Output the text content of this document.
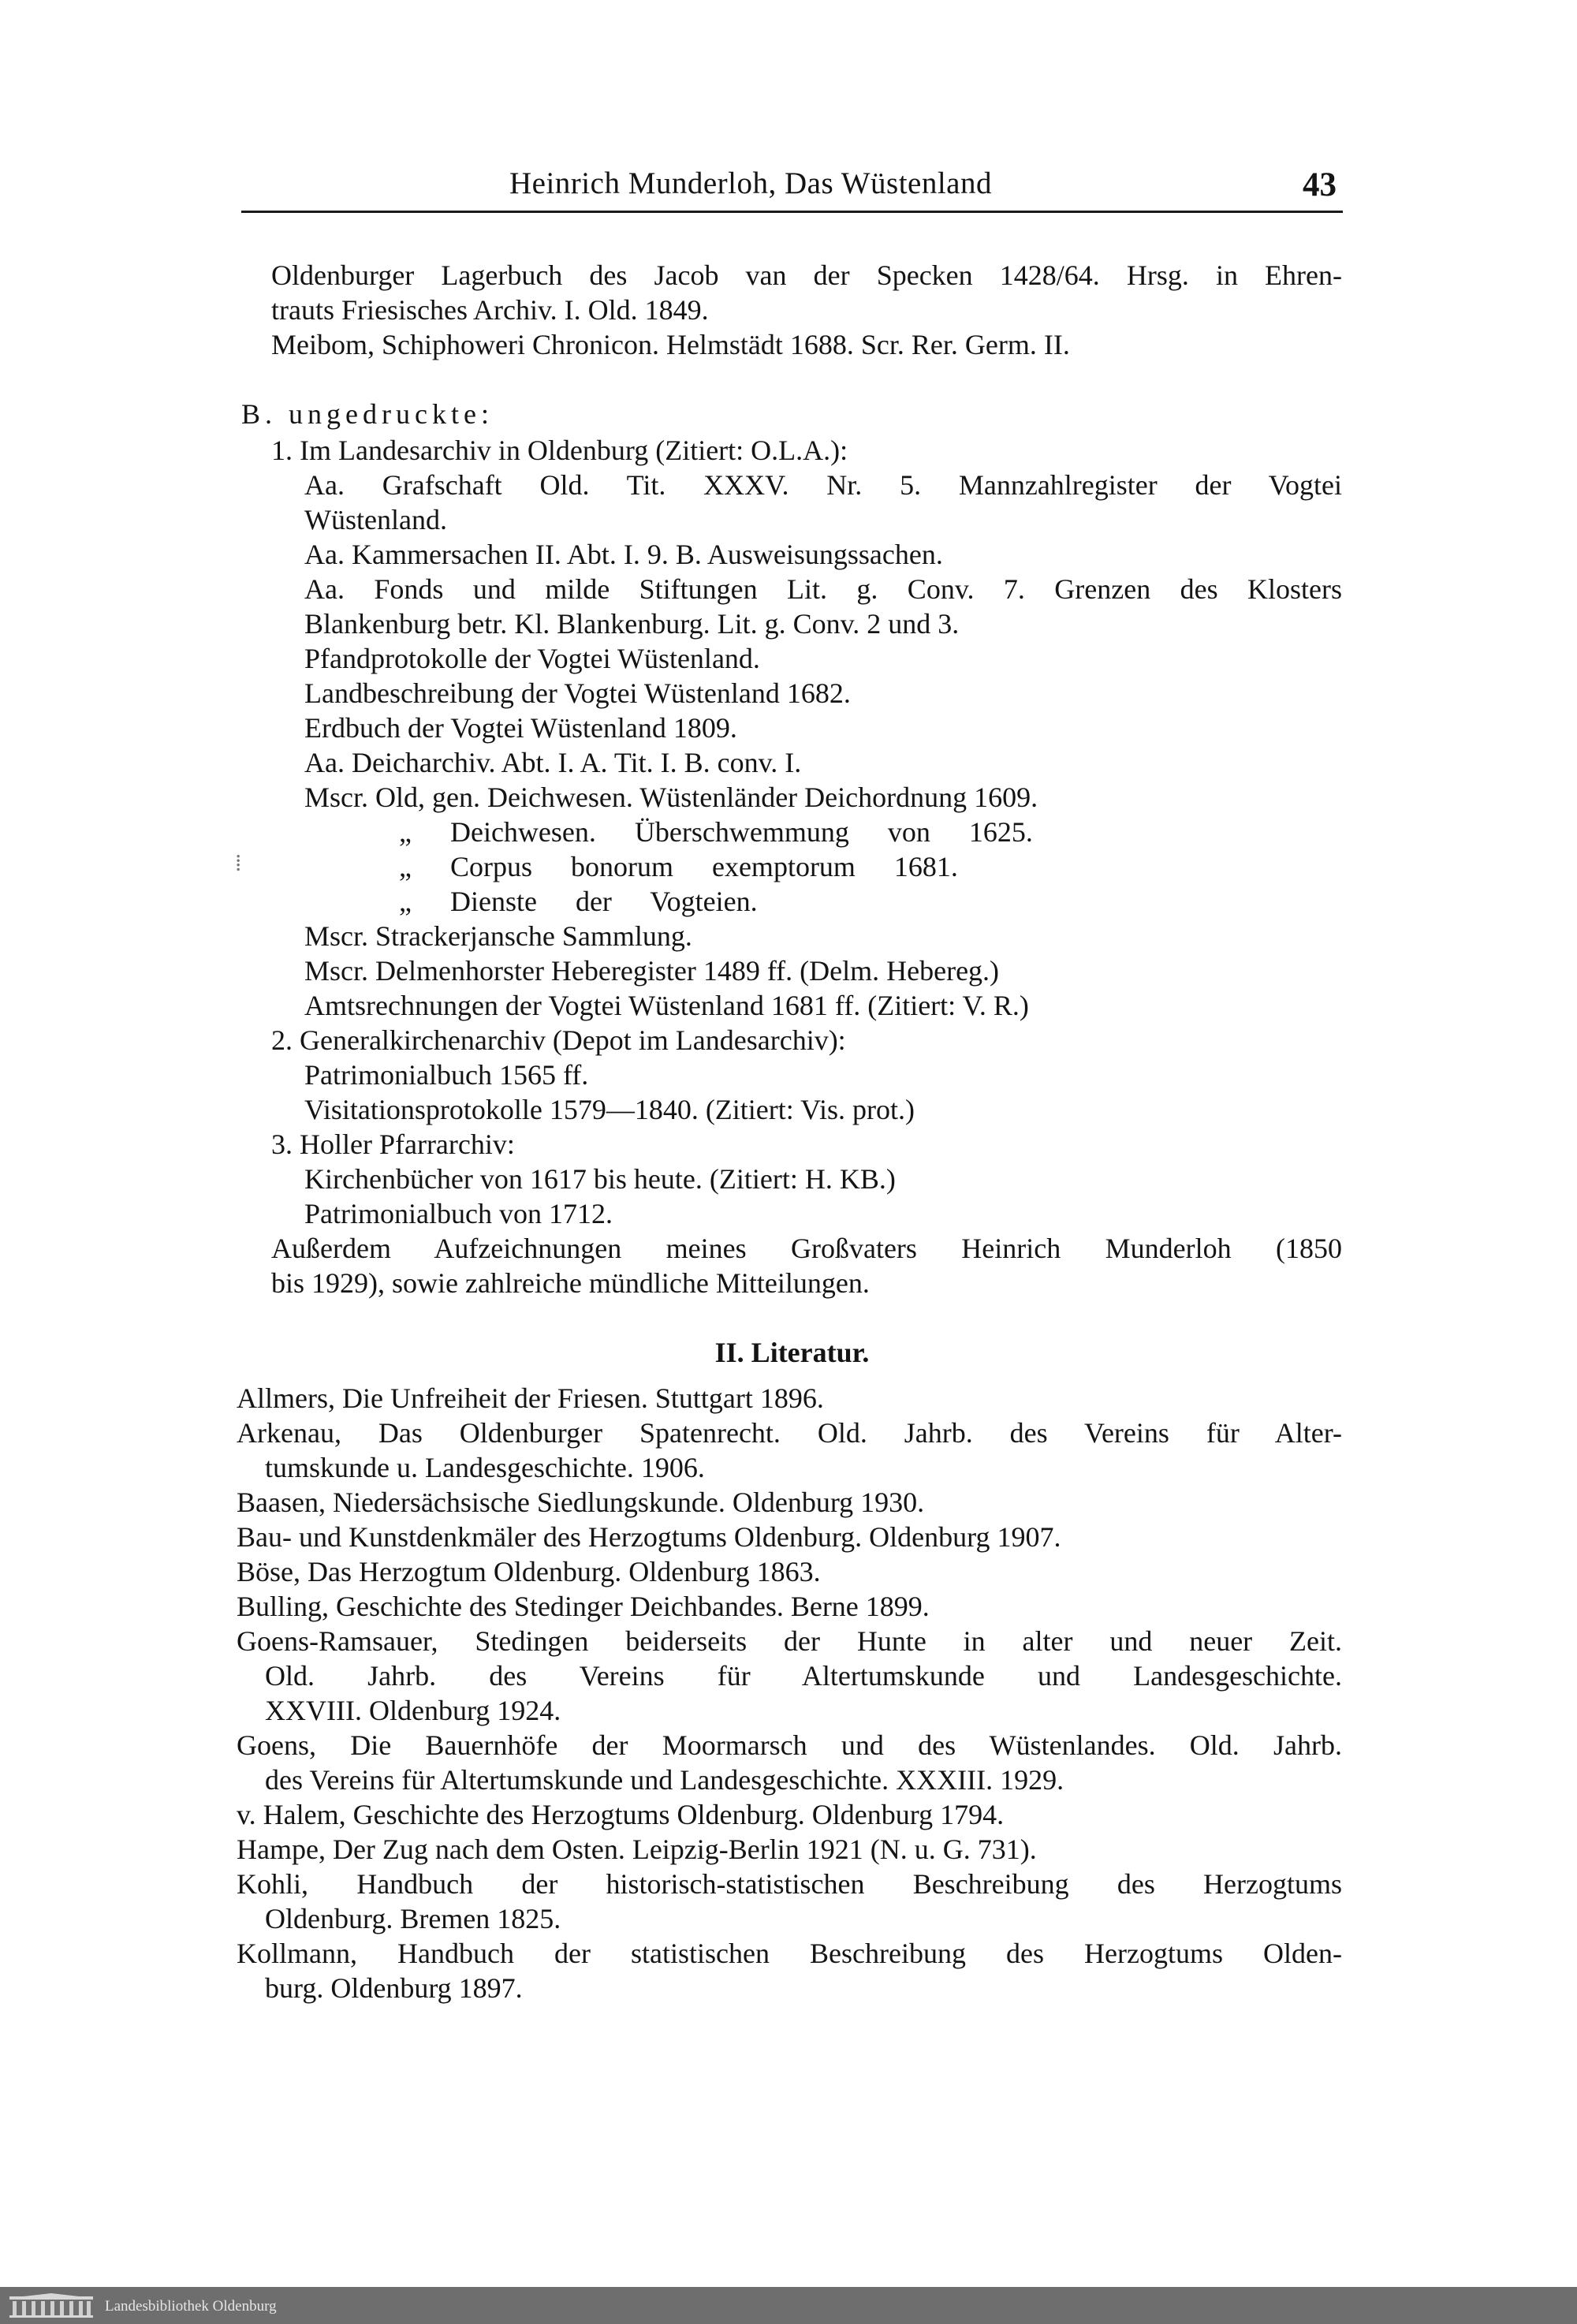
Heinrich Munderloh, Das Wüstenland	43
Oldenburger Lagerbuch des Jacob van der Specken 1428/64. Hrsg. in Ehren-
trauts Friesisches Archiv. I. Old. 1849.
Meibom, Schiphoweri Chronicon. Helmstädt 1688. Scr. Rer. Germ. II.
B. ungedruckte:
1. Im Landesarchiv in Oldenburg (Zitiert: O.L.A.):
Aa. Grafschaft Old. Tit. XXXV. Nr. 5. Mannzahlregister der Vogtei
Wüstenland.
Aa. Kammersachen II. Abt. I. 9. B. Ausweisungssachen.
Aa. Fonds und milde Stiftungen Lit. g. Conv. 7. Grenzen des Klosters
Blankenburg betr. Kl. Blankenburg. Lit. g. Conv. 2 und 3.
Pfandprotokolle der Vogtei Wüstenland.
Landbeschreibung der Vogtei Wüstenland 1682.
Erdbuch der Vogtei Wüstenland 1809.
Aa. Deicharchiv. Abt. I. A. Tit. I. B. conv. I.
Mscr. Old, gen. Deichwesen. Wüstenländer Deichordnung 1609.
„ Deichwesen. Überschwemmung von 1625.
„ Corpus bonorum exemptorum 1681.
„ Dienste der Vogteien.
Mscr. Strackerjansche Sammlung.
Mscr. Delmenhorster Heberegister 1489 ff. (Delm. Hebereg.)
Amtsrechnungen der Vogtei Wüstenland 1681 ff. (Zitiert: V. R.)
2. Generalkirchenarchiv (Depot im Landesarchiv):
Patrimonialbuch 1565 ff.
Visitationsprotokolle 1579—1840. (Zitiert: Vis. prot.)
3. Holler Pfarrarchiv:
Kirchenbücher von 1617 bis heute. (Zitiert: H. KB.)
Patrimonialbuch von 1712.
Außerdem Aufzeichnungen meines Großvaters Heinrich Munderloh (1850
bis 1929), sowie zahlreiche mündliche Mitteilungen.
II. Literatur.
Allmers, Die Unfreiheit der Friesen. Stuttgart 1896.
Arkenau, Das Oldenburger Spatenrecht. Old. Jahrb. des Vereins für Alter-
tumskunde u. Landesgeschichte. 1906.
Baasen, Niedersächsische Siedlungskunde. Oldenburg 1930.
Bau- und Kunstdenkmäler des Herzogtums Oldenburg. Oldenburg 1907.
Böse, Das Herzogtum Oldenburg. Oldenburg 1863.
Bulling, Geschichte des Stedinger Deichbandes. Berne 1899.
Goens-Ramsauer, Stedingen beiderseits der Hunte in alter und neuer Zeit.
Old. Jahrb. des Vereins für Altertumskunde und Landesgeschichte.
XXVIII. Oldenburg 1924.
Goens, Die Bauernhöfe der Moormarsch und des Wüstenlandes. Old. Jahrb.
des Vereins für Altertumskunde und Landesgeschichte. XXXIII. 1929.
v. Halem, Geschichte des Herzogtums Oldenburg. Oldenburg 1794.
Hampe, Der Zug nach dem Osten. Leipzig-Berlin 1921 (N. u. G. 731).
Kohli, Handbuch der historisch-statistischen Beschreibung des Herzogtums
Oldenburg. Bremen 1825.
Kollmann, Handbuch der statistischen Beschreibung des Herzogtums Olden-
burg. Oldenburg 1897.
⁞
Landesbibliothek Oldenburg
